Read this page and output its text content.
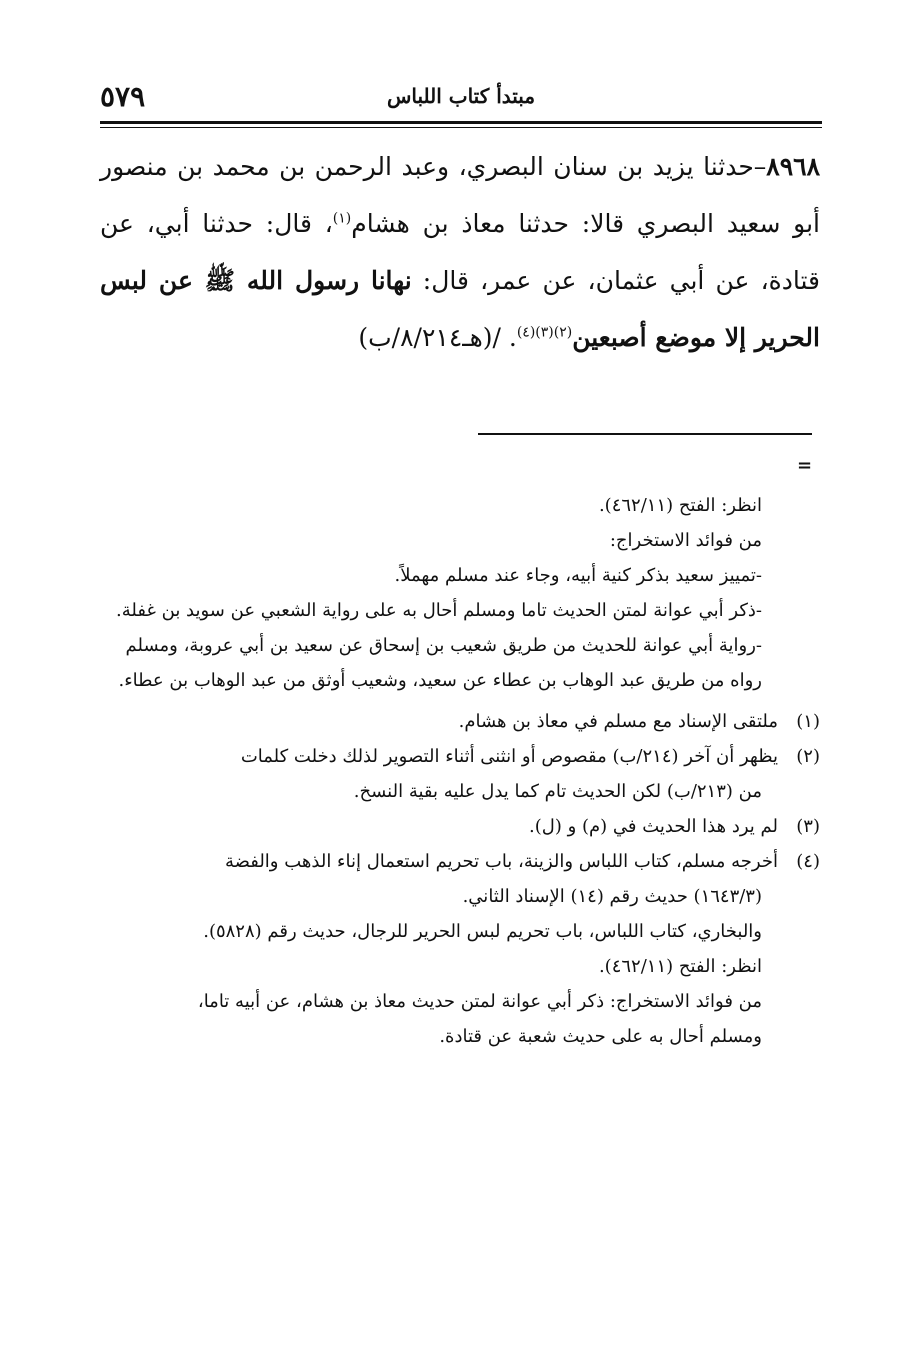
٥٧٩	مبتدأ كتاب اللباس
٨٩٦٨–حدثنا يزيد بن سنان البصري، وعبد الرحمن بن محمد بن منصور أبو سعيد البصري قالا: حدثنا معاذ بن هشام$^{(١)}$، قال: حدثنا أبي، عن قتادة، عن أبي عثمان، عن عمر، قال: نهانا رسول الله ﷺ عن لبس الحرير إلا موضع أصبعين$^{(٢)(٣)(٤)}$. /(هـ٨/٢١٤/ب)
=
انظر: الفتح (٤٦٢/١١).
من فوائد الاستخراج:
-تمييز سعيد بذكر كنية أبيه، وجاء عند مسلم مهملاً.
-ذكر أبي عوانة لمتن الحديث تاما ومسلم أحال به على رواية الشعبي عن سويد بن غفلة.
-رواية أبي عوانة للحديث من طريق شعيب بن إسحاق عن سعيد بن أبي عروبة، ومسلم
رواه من طريق عبد الوهاب بن عطاء عن سعيد، وشعيب أوثق من عبد الوهاب بن عطاء.
(١)ملتقى الإسناد مع مسلم في معاذ بن هشام.
(٢)يظهر أن آخر (٢١٤/ب) مقصوص أو انثنى أثناء التصوير لذلك دخلت كلمات
من (٢١٣/ب) لكن الحديث تام كما يدل عليه بقية النسخ.
(٣)لم يرد هذا الحديث في (م) و (ل).
(٤)أخرجه مسلم، كتاب اللباس والزينة، باب تحريم استعمال إناء الذهب والفضة
(١٦٤٣/٣) حديث رقم (١٤) الإسناد الثاني.
والبخاري، كتاب اللباس، باب تحريم لبس الحرير للرجال، حديث رقم (٥٨٢٨).
انظر: الفتح (٤٦٢/١١).
من فوائد الاستخراج: ذكر أبي عوانة لمتن حديث معاذ بن هشام، عن أبيه تاما،
ومسلم أحال به على حديث شعبة عن قتادة.
